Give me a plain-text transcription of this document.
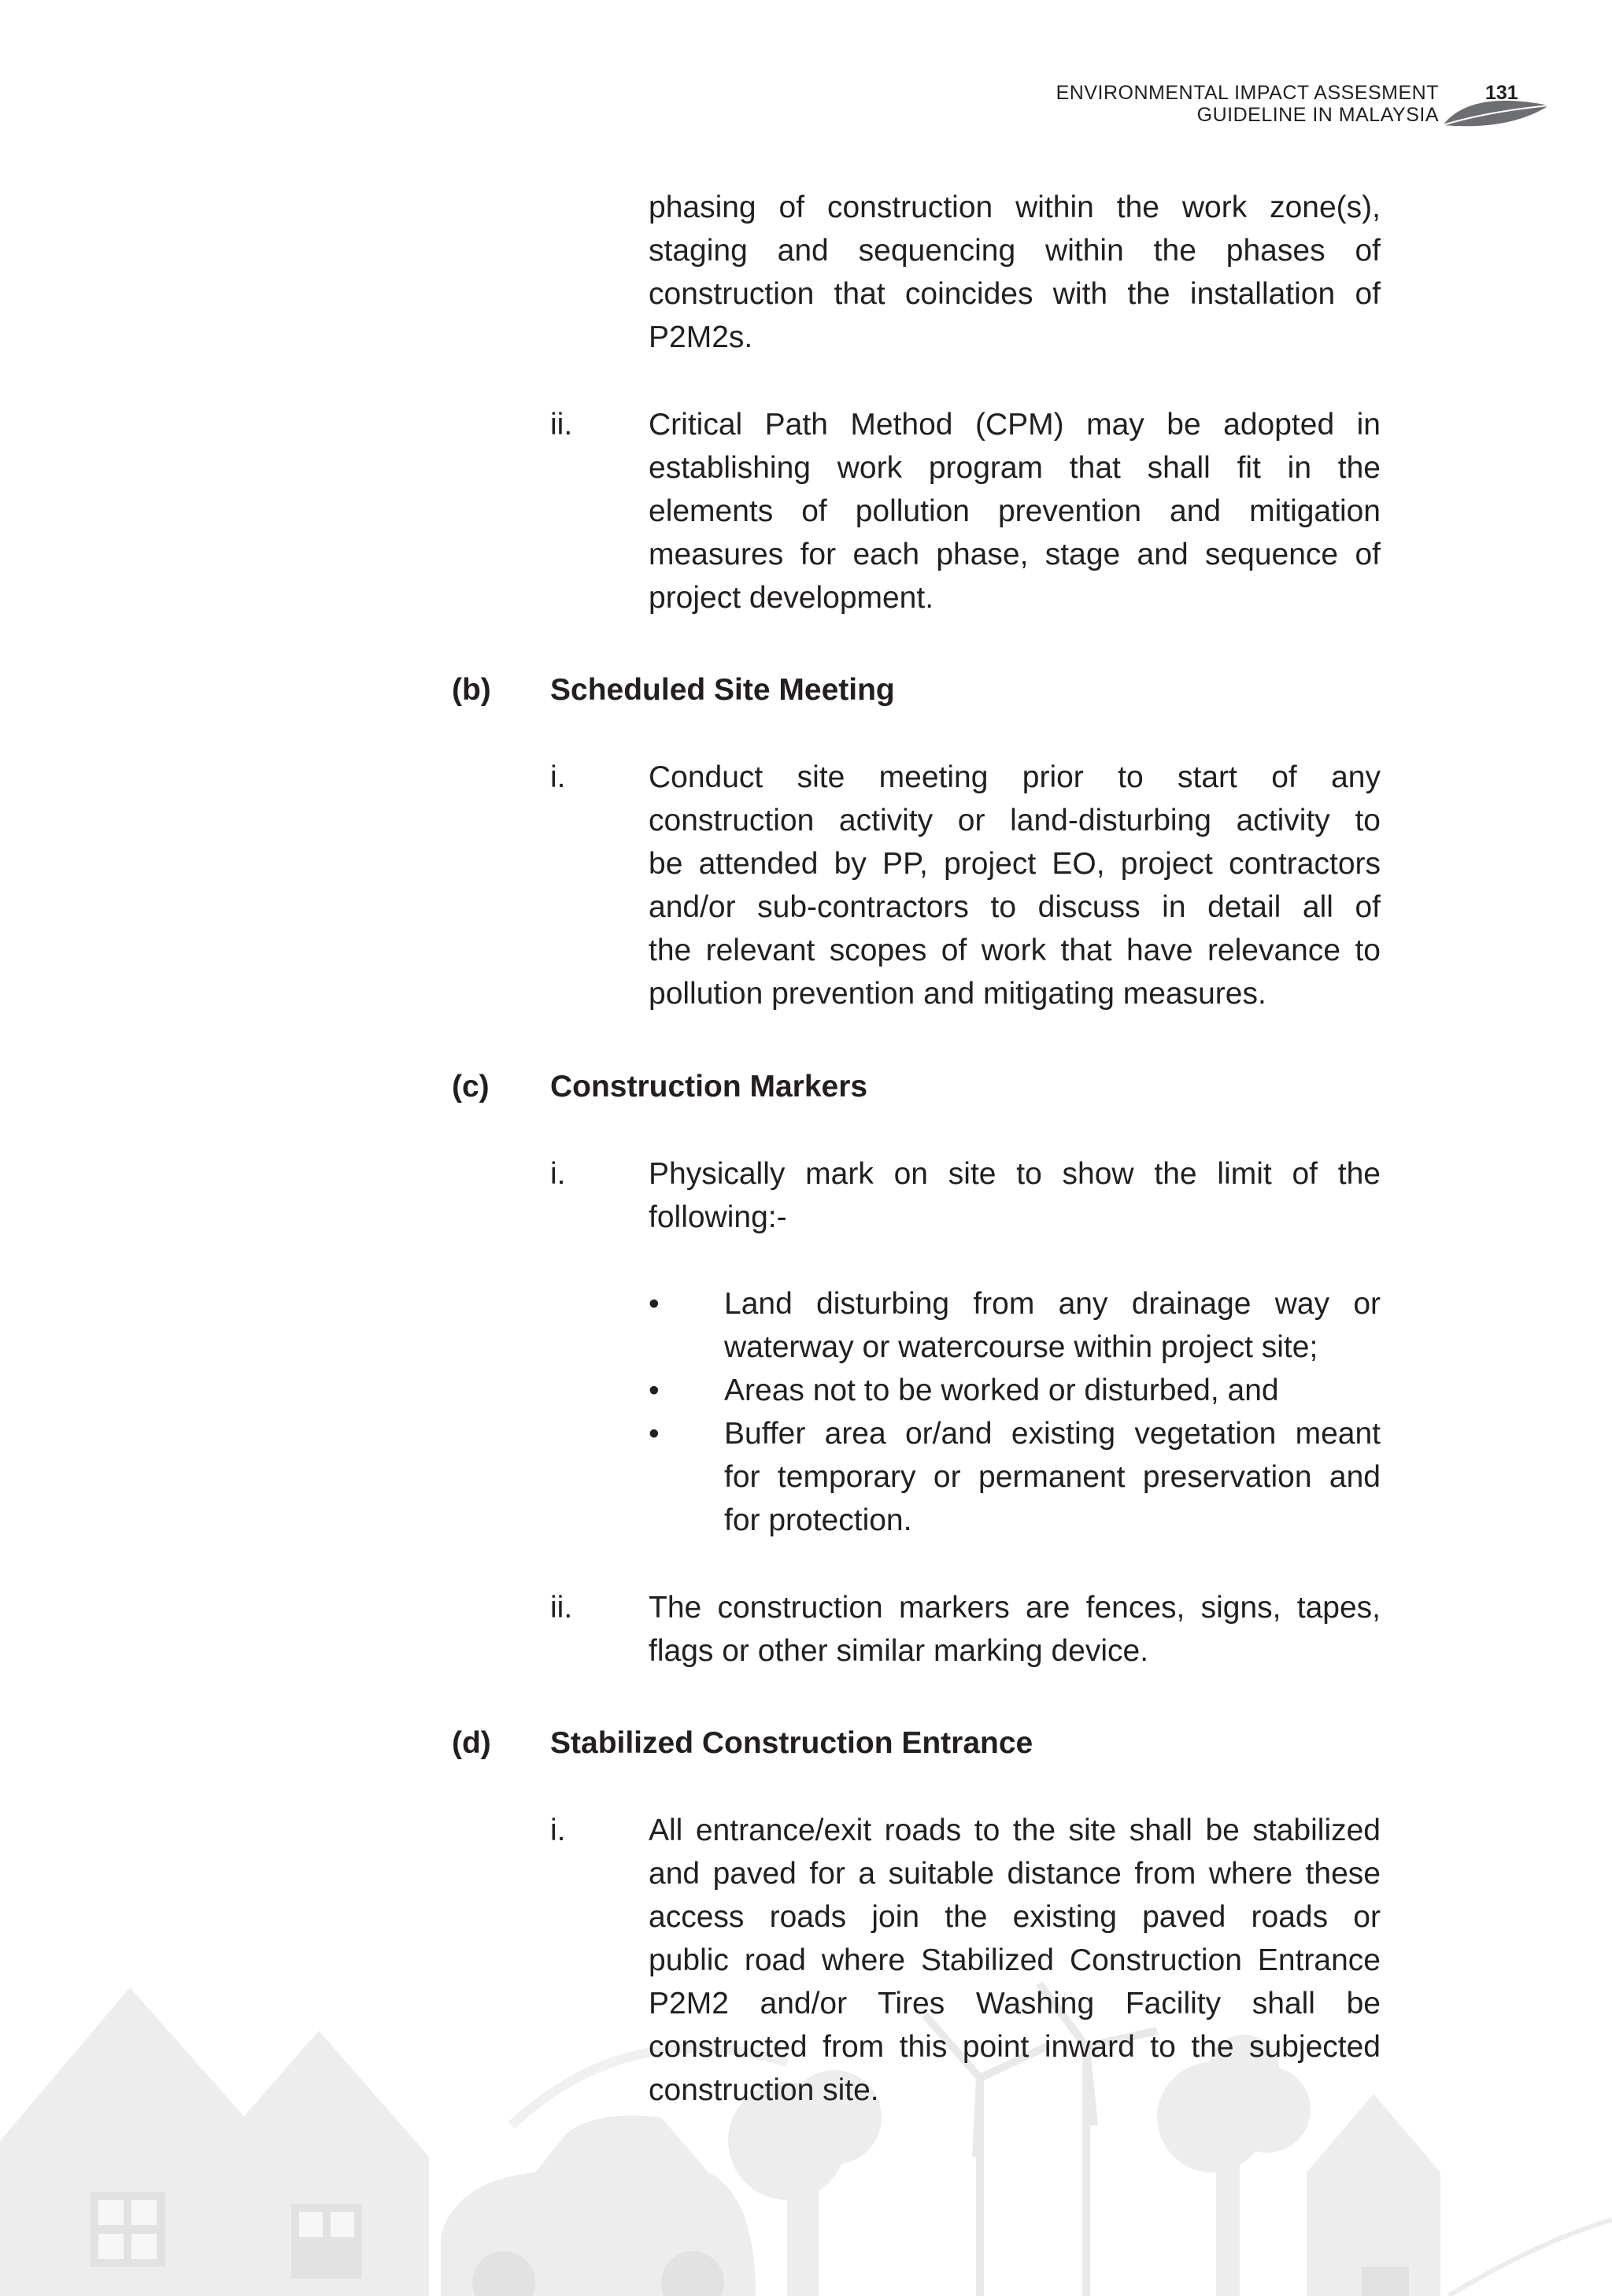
ENVIRONMENTAL IMPACT ASSESMENT
GUIDELINE IN MALAYSIA
131
phasing of construction within the work zone(s),
staging and sequencing within the phases of
construction that coincides with the installation of
P2M2s.
ii. Critical Path Method (CPM) may be adopted in
establishing work program that shall fit in the
elements of pollution prevention and mitigation
measures for each phase, stage and sequence of
project development.
(b) Scheduled Site Meeting
i.	Conduct site meeting prior to start of any
construction activity or land-disturbing activity to
be attended by PP, project EO, project contractors
and/or sub-contractors to discuss in detail all of
the relevant scopes of work that have relevance to
pollution prevention and mitigating measures.
(c) Construction Markers
i.	Physically mark on site to show the limit of the
following:-
• Land disturbing from any drainage way or
waterway or watercourse within project site;
• Areas not to be worked or disturbed, and
• Buffer area or/and existing vegetation meant
for temporary or permanent preservation and
for protection.
ii. The construction markers are fences, signs, tapes,
flags or other similar marking device.
(d) Stabilized Construction Entrance
i.	All entrance/exit roads to the site shall be stabilized
and paved for a suitable distance from where these
access roads join the existing paved roads or
public road where Stabilized Construction Entrance
P2M2 and/or Tires Washing Facility shall be
constructed from this point inward to the subjected
construction site.
